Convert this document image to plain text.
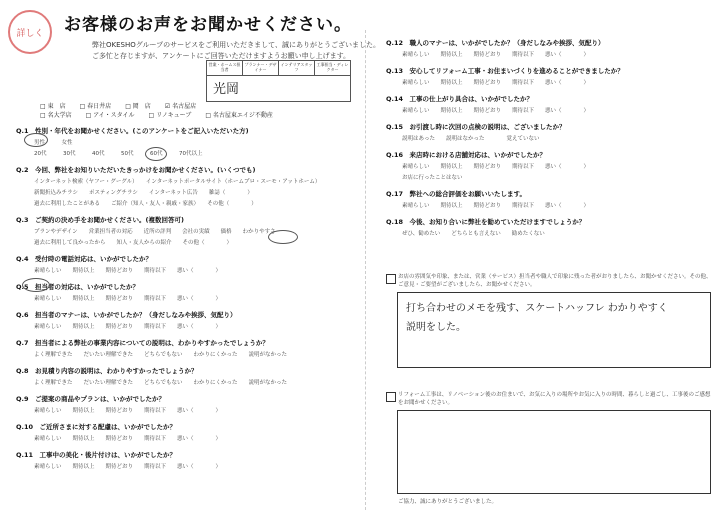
詳しく お客様のお声をお聞かせください。
弊社OKESHOグループのサービスをご利用いただきまして、誠にありがとうございました。
ご多忙と存じますが、アンケートにご回答いただけますようお願い申し上げます。
営業・ホームス担当者
プランナー・デザイナー
インテリアスタッフ
工事担当・ディレクター
光岡
□ 東　店 □ 春日井店 □ 岡　店 ☑ 名古屋店
□ 名大学店 □ アイ・スタイル □ リノキューブ □ 名古屋東エイジ不動産
Q.1　性別・年代をお聞かせください。(このアンケートをご記入いただいた方)
男性　　　女性
20代　　　30代　　　40代　　　50代　　　60代　　　70代以上
Q.2　今回、弊社をお知りいただいたきっかけをお聞かせください。(いくつでも)
インターネット検索（ヤフー・グーグル）　　インターネットポータルサイト（ホームプロ・スーモ・アットホーム）
新聞折込みチラシ　　ポスティングチラシ　　インターネット広告　　雑誌（　　　　）
過去に利用したことがある　　ご紹介（知人・友人・親戚・家族）　　その他（　　　　）
Q.3　ご契約の決め手をお聞かせください。(複数回答可)
プランやデザイン　　営業担当者の対応　　近所の評判　　会社の実績　　価格　　わかりやすさ
過去に利用して良かったから　　知人・友人からの紹介　　その他（　　　　）
Q.4　受付時の電話対応は、いかがでしたか？
素晴らしい　　期待以上　　期待どおり　　期待以下　　悪い（　　　　）
Q.5　担当者の対応は、いかがでしたか？
素晴らしい　　期待以上　　期待どおり　　期待以下　　悪い（　　　　）
Q.6　担当者のマナーは、いかがでしたか？（身だしなみや挨拶、気配り）
素晴らしい　　期待以上　　期待どおり　　期待以下　　悪い（　　　　）
Q.7　担当者による弊社の事業内容についての説明は、わかりやすかったでしょうか？
よく理解できた　　だいたい理解できた　　どちらでもない　　わかりにくかった　　説明がなかった
Q.8　お見積り内容の説明は、わかりやすかったでしょうか？
よく理解できた　　だいたい理解できた　　どちらでもない　　わかりにくかった　　説明がなかった
Q.9　ご提案の商品やプランは、いかがでしたか？
素晴らしい　　期待以上　　期待どおり　　期待以下　　悪い（　　　　）
Q.10　ご近所さまに対する配慮は、いかがでしたか？
素晴らしい　　期待以上　　期待どおり　　期待以下　　悪い（　　　　）
Q.11　工事中の美化・後片付けは、いかがでしたか？
素晴らしい　　期待以上　　期待どおり　　期待以下　　悪い（　　　　）
Q.12　職人のマナーは、いかがでしたか？（身だしなみや挨拶、気配り）
素晴らしい　　期待以上　　期待どおり　　期待以下　　悪い（　　　　）
Q.13　安心してリフォーム工事・お住まいづくりを進めることができましたか？
素晴らしい　　期待以上　　期待どおり　　期待以下　　悪い（　　　　）
Q.14　工事の仕上がり具合は、いかがでしたか？
素晴らしい　　期待以上　　期待どおり　　期待以下　　悪い（　　　　）
Q.15　お引渡し時に次回の点検の説明は、ございましたか？
説明はあった　　説明はなかった　　　　覚えていない
Q.16　来店時における店舗対応は、いかがでしたか？
素晴らしい　　期待以上　　期待どおり　　期待以下　　悪い（　　　　）
お店に行ったことはない
Q.17　弊社への総合評価をお願いいたします。
素晴らしい　　期待以上　　期待どおり　　期待以下　　悪い（　　　　）
Q.18　今後、お知り合いに弊社を勧めていただけますでしょうか？
ぜひ、勧めたい　　どちらとも言えない　　勧めたくない
お店の雰囲気や印象、または、営業（サービス）担当者や職人で印象に残った者がおりましたら、お聞かせください。その他、ご意見・ご要望がございましたら、お聞かせください。
打ち合わせのメモを残す、スケートハッフレ わかりやすく
説明をした。
リフォーム工事は、リノベーション後のお住まいで、お気に入りの場所やお気に入りの時間、暮らしと過ごし、工事後のご感想をお聞かせください。
ご協力、誠にありがとうございました。
